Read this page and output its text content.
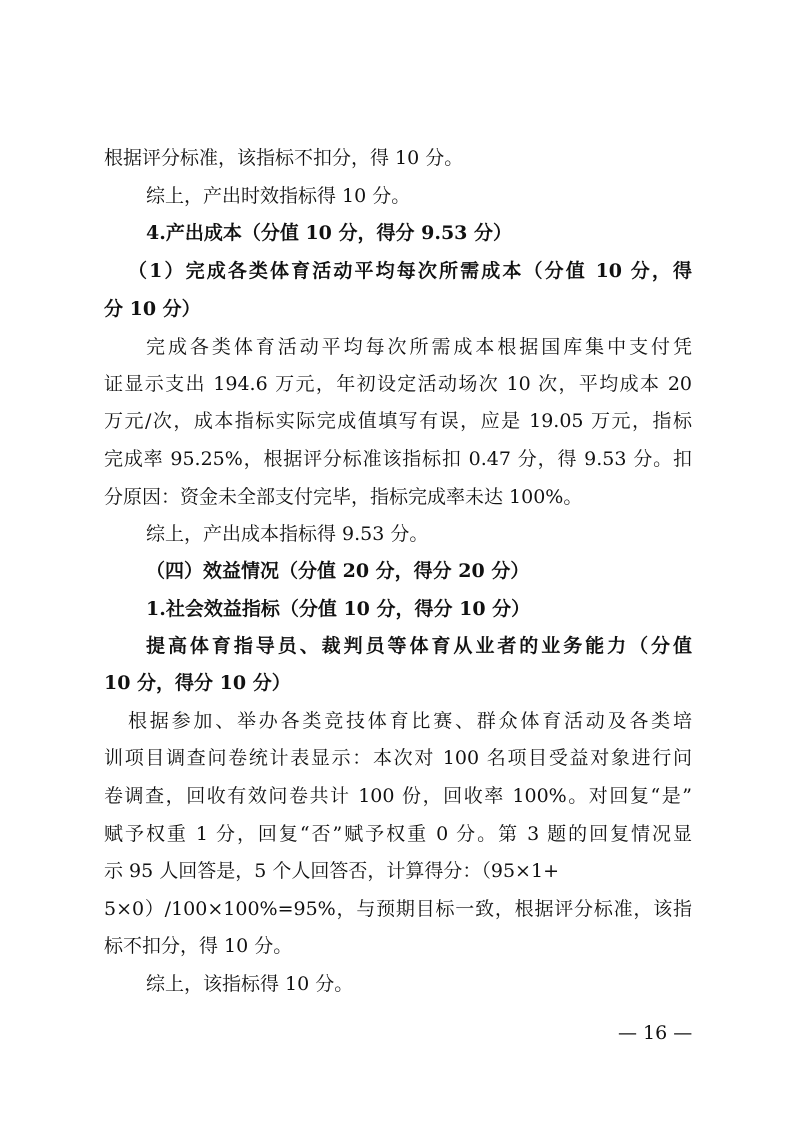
根据评分标准，该指标不扣分，得 10 分。
综上，产出时效指标得 10 分。
4.产出成本（分值 10 分，得分 9.53 分）
（1）完成各类体育活动平均每次所需成本（分值 10 分，得
分 10 分）
完成各类体育活动平均每次所需成本根据国库集中支付凭
证显示支出 194.6 万元，年初设定活动场次 10 次，平均成本 20
万元/次，成本指标实际完成值填写有误，应是 19.05 万元，指标
完成率 95.25%，根据评分标准该指标扣 0.47 分，得 9.53 分。扣
分原因：资金未全部支付完毕，指标完成率未达 100%。
综上，产出成本指标得 9.53 分。
（四）效益情况（分值 20 分，得分 20 分）
1.社会效益指标（分值 10 分，得分 10 分）
提高体育指导员、裁判员等体育从业者的业务能力（分值
10 分，得分 10 分）
根据参加、举办各类竞技体育比赛、群众体育活动及各类培
训项目调查问卷统计表显示：本次对 100 名项目受益对象进行问
卷调查，回收有效问卷共计 100 份，回收率 100%。对回复“是”
赋予权重 1 分，回复“否”赋予权重 0 分。第 3 题的回复情况显
示 95 人回答是，5 个人回答否，计算得分：（95×1+
5×0）/100×100%=95%，与预期目标一致，根据评分标准，该指
标不扣分，得 10 分。
综上，该指标得 10 分。
— 16 —
